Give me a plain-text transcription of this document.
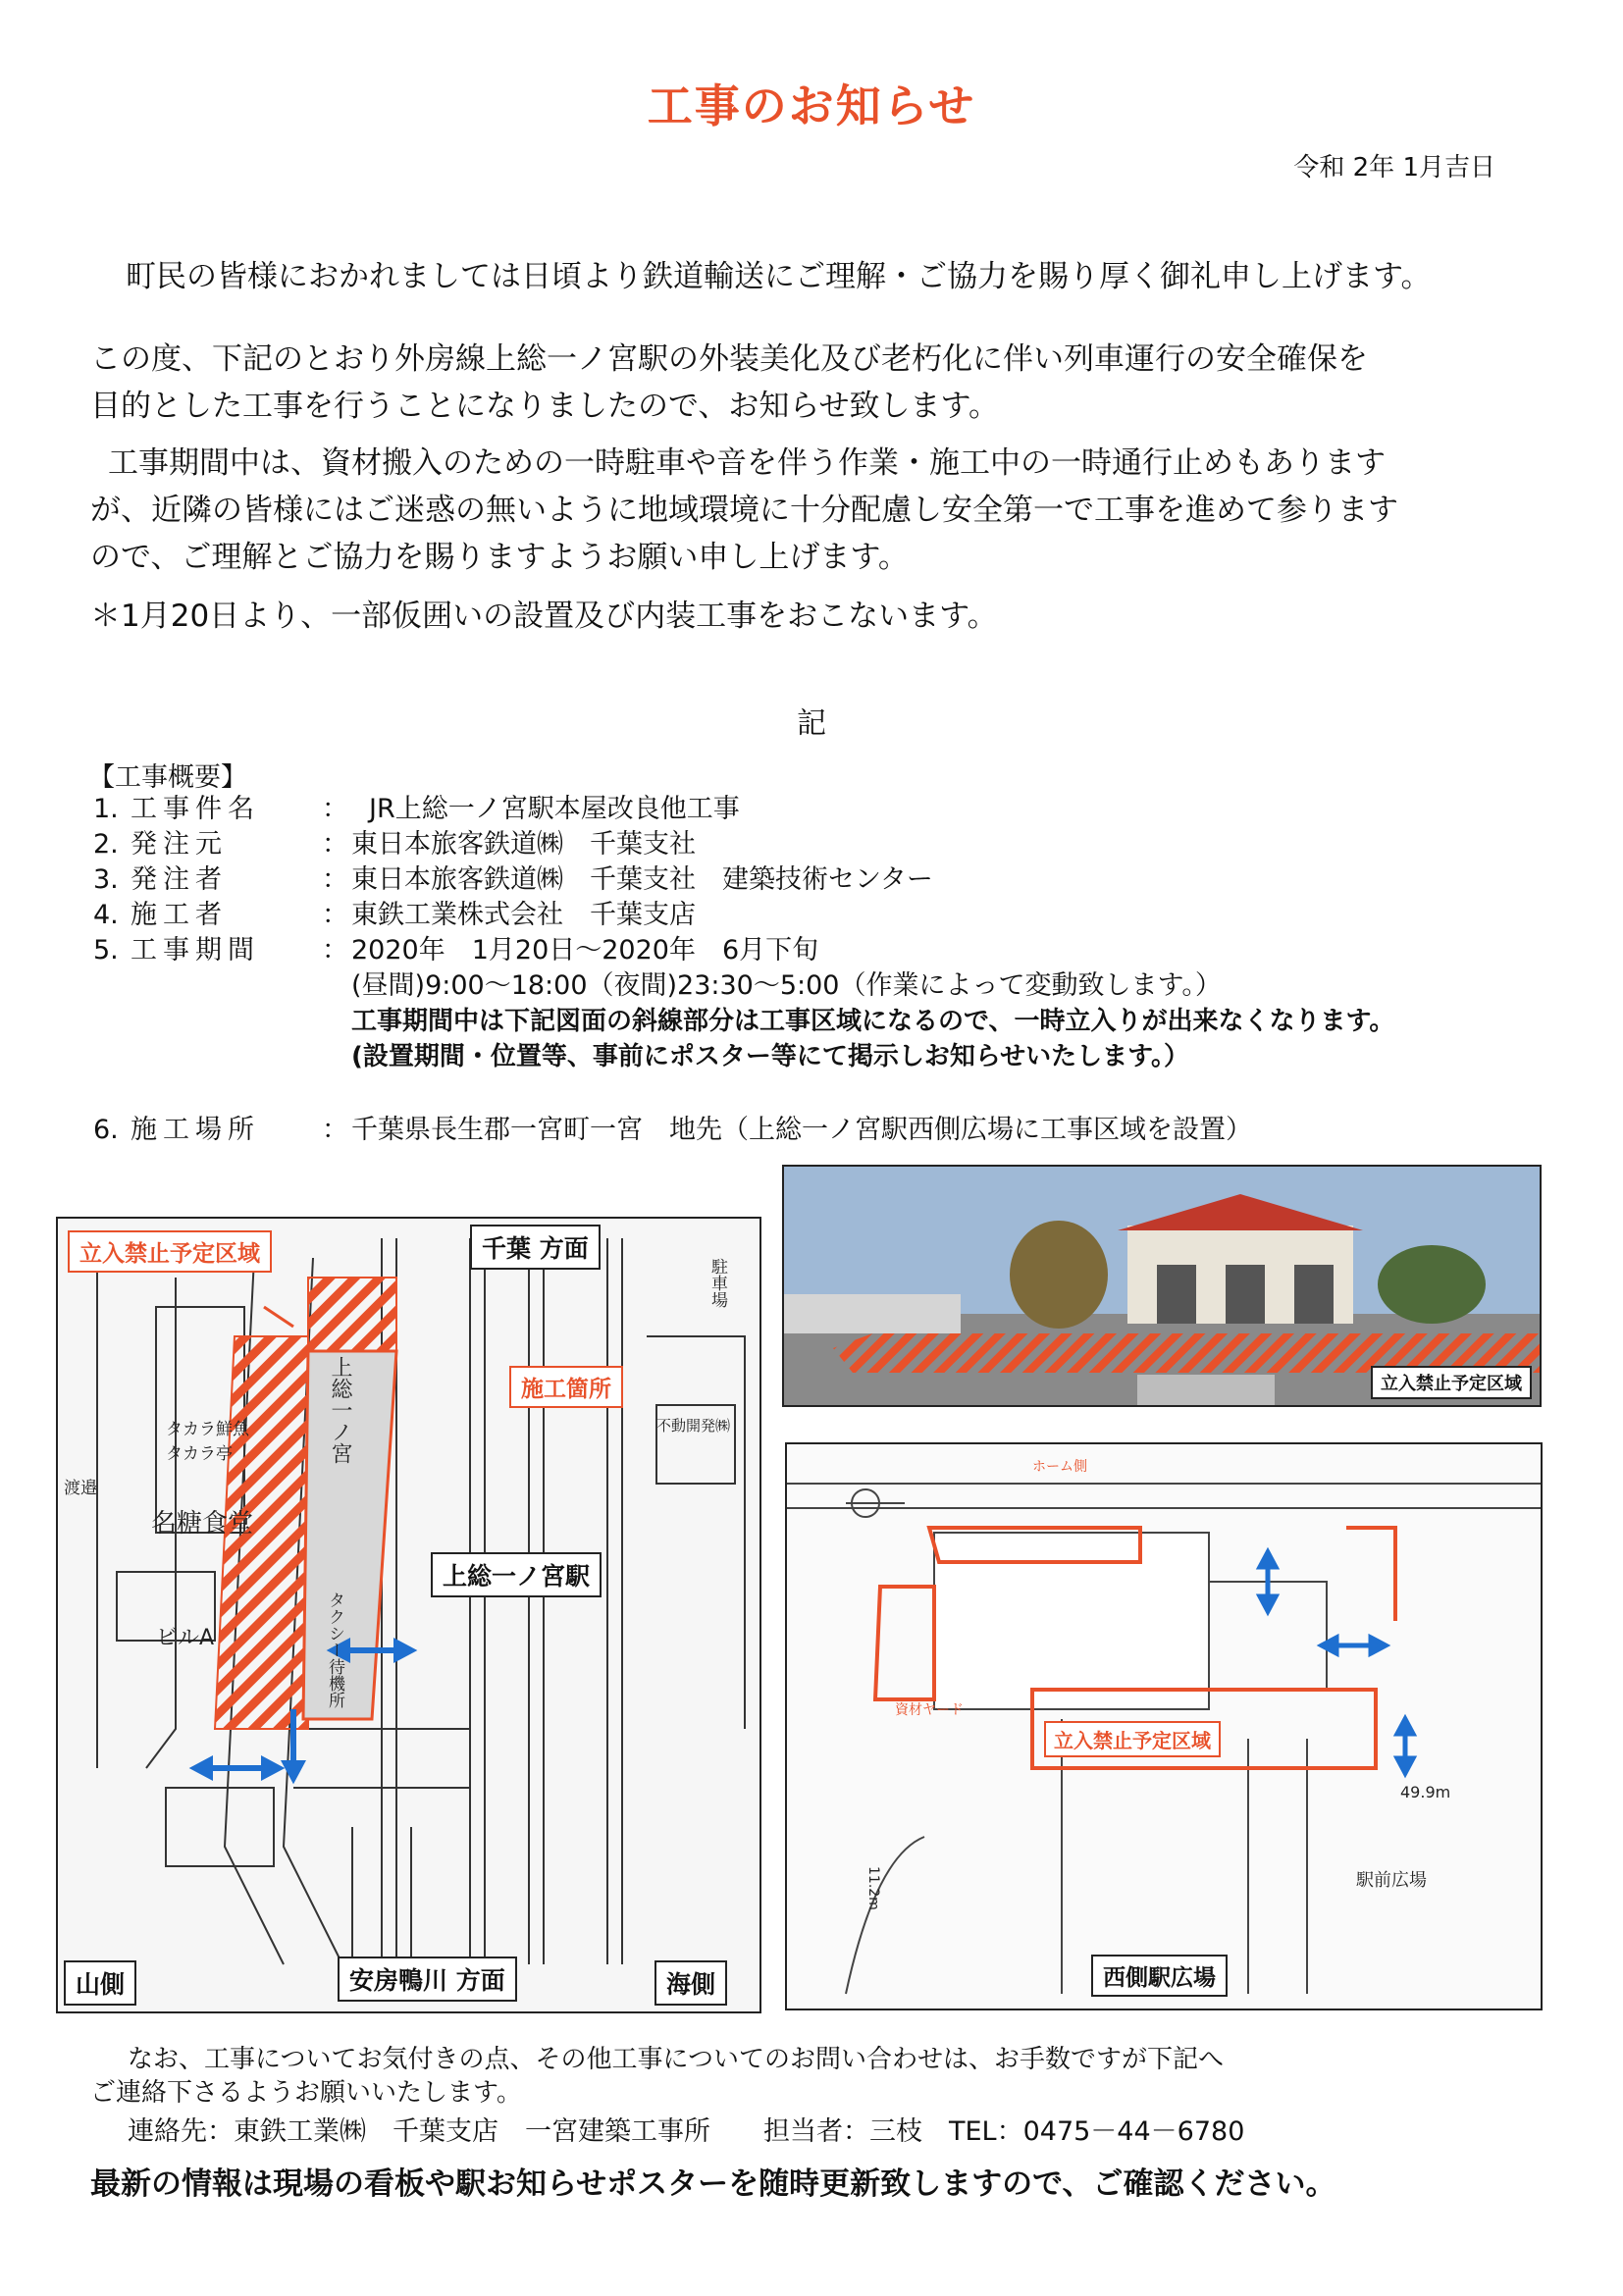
工事のお知らせ
令和 2年 1月吉日
町民の皆様におかれましては日頃より鉄道輸送にご理解・ご協力を賜り厚く御礼申し上げます。
この度、下記のとおり外房線上総一ノ宮駅の外装美化及び老朽化に伴い列車運行の安全確保を
目的とした工事を行うことになりましたので、お知らせ致します。
工事期間中は、資材搬入のための一時駐車や音を伴う作業・施工中の一時通行止めもあります
が、近隣の皆様にはご迷惑の無いように地域環境に十分配慮し安全第一で工事を進めて参ります
ので、ご理解とご協力を賜りますようお願い申し上げます。
＊1月20日より、一部仮囲いの設置及び内装工事をおこないます。
記
【工事概要】
1. 工事件名 ： JR上総一ノ宮駅本屋改良他工事
2. 発注元	： 東日本旅客鉄道㈱　千葉支社
3. 発注者	： 東日本旅客鉄道㈱　千葉支社　建築技術センター
4. 施工者	： 東鉄工業株式会社　千葉支店
5. 工事期間 ： 2020年　1月20日～2020年　6月下旬
(昼間)9:00～18:00（夜間)23:30～5:00（作業によって変動致します。）
工事期間中は下記図面の斜線部分は工事区域になるので、一時立入りが出来なくなります。
(設置期間・位置等、事前にポスター等にて掲示しお知らせいたします。）
6. 施工場所 ： 千葉県長生郡一宮町一宮　地先（上総一ノ宮駅西側広場に工事区域を設置）
立入禁止予定区域	千葉 方面
施工箇所
上総一ノ宮駅
山側	安房鴨川 方面	海側
駐車場
タカラ鮮魚
タカラ亭
名糖食堂
渡邉
ビルA	タクシー待機所
不動開発㈱
上総一ノ宮	立入禁止予定区域
ホーム側
資材ヤード
立入禁止予定区域
49.9m
11.2m	駅前広場
西側駅広場
なお、工事についてお気付きの点、その他工事についてのお問い合わせは、お手数ですが下記へ
ご連絡下さるようお願いいたします。
連絡先：東鉄工業㈱　千葉支店　一宮建築工事所　　担当者：三枝　TEL：0475－44－6780
最新の情報は現場の看板や駅お知らせポスターを随時更新致しますので、ご確認ください。
